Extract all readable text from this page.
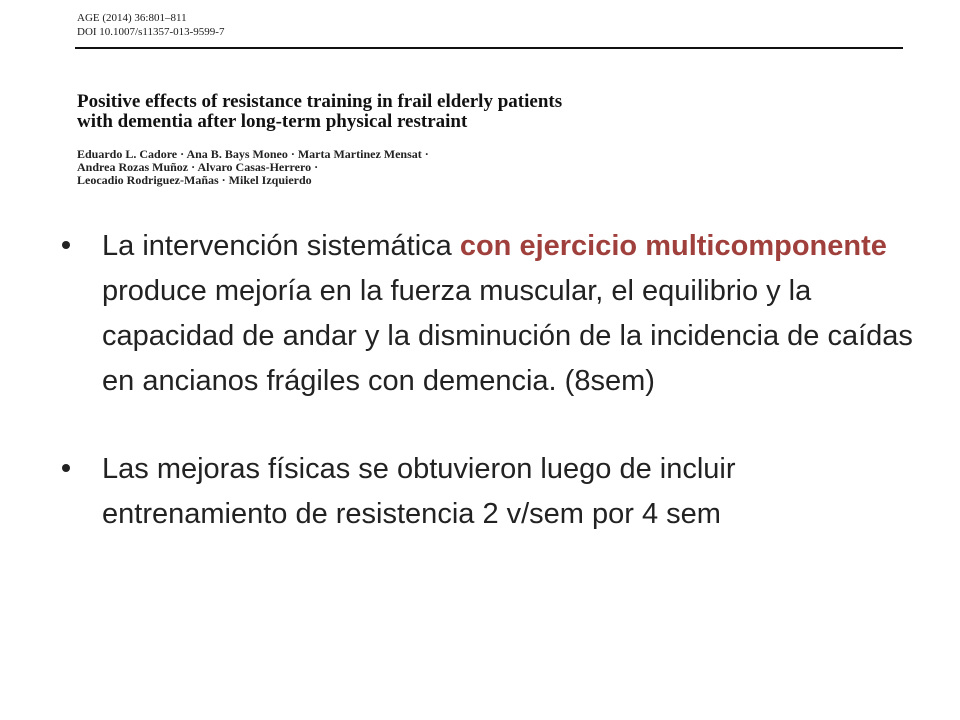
AGE (2014) 36:801–811
DOI 10.1007/s11357-013-9599-7
Positive effects of resistance training in frail elderly patients
with dementia after long-term physical restraint
Eduardo L. Cadore · Ana B. Bays Moneo · Marta Martinez Mensat ·
Andrea Rozas Muñoz · Alvaro Casas-Herrero ·
Leocadio Rodriguez-Mañas · Mikel Izquierdo
La intervención sistemática con ejercicio multicomponente produce mejoría en la fuerza muscular, el equilibrio y la capacidad de andar y la disminución de la incidencia de caídas en ancianos frágiles con demencia. (8sem)
Las mejoras físicas se obtuvieron luego de incluir entrenamiento de resistencia 2 v/sem por 4 sem
